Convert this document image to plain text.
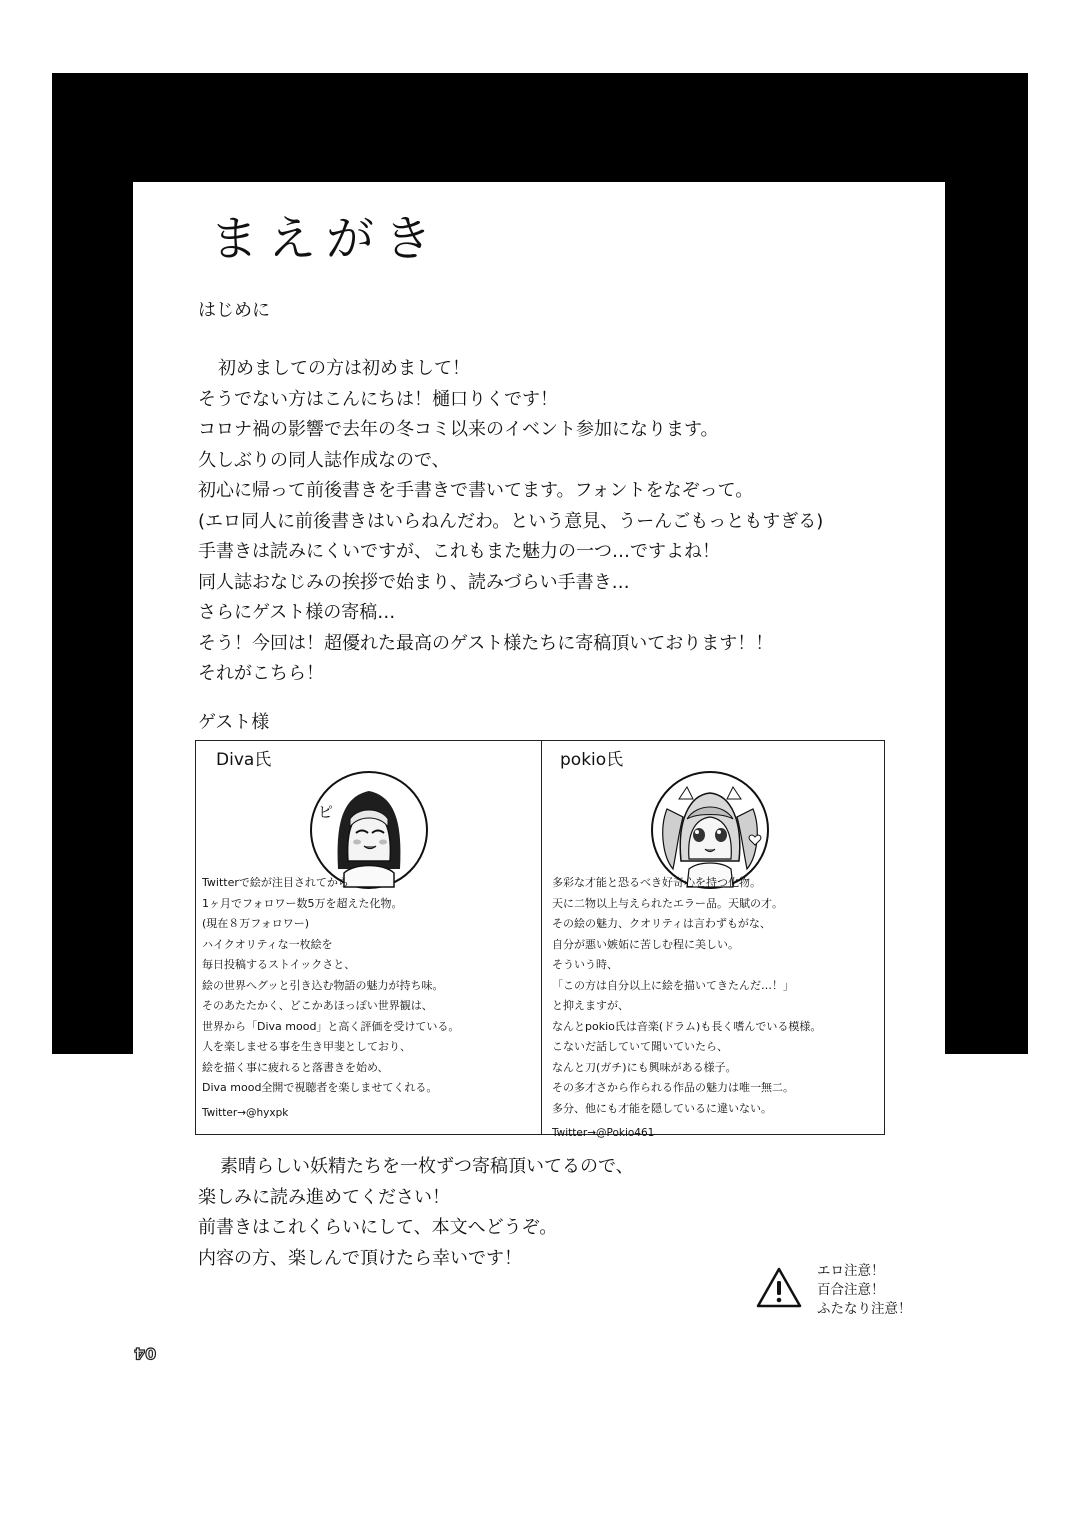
まえがき
はじめに
初めましての方は初めまして！
そうでない方はこんにちは！樋口りくです！
コロナ禍の影響で去年の冬コミ以来のイベント参加になります。
久しぶりの同人誌作成なので、
初心に帰って前後書きを手書きで書いてます。フォントをなぞって。
(エロ同人に前後書きはいらねんだわ。という意見、うーんごもっともすぎる)
手書きは読みにくいですが、これもまた魅力の一つ…ですよね！
同人誌おなじみの挨拶で始まり、読みづらい手書き…
さらにゲスト様の寄稿…
そう！今回は！超優れた最高のゲスト様たちに寄稿頂いております！！
それがこちら！
ゲスト様
Diva氏
ピ
Twitterで絵が注目されてから
1ヶ月でフォロワー数5万を超えた化物。
(現在８万フォロワー)
ハイクオリティな一枚絵を
毎日投稿するストイックさと、
絵の世界へグッと引き込む物語の魅力が持ち味。
そのあたたかく、どこかあほっぽい世界観は、
世界から「Diva mood」と高く評価を受けている。
人を楽しませる事を生き甲斐としており、
絵を描く事に疲れると落書きを始め、
Diva mood全開で視聴者を楽しませてくれる。
Twitter→@hyxpk
pokio氏
多彩な才能と恐るべき好奇心を持つ化物。
天に二物以上与えられたエラー品。天賦の才。
その絵の魅力、クオリティは言わずもがな、
自分が悪い嫉妬に苦しむ程に美しい。
そういう時、
「この方は自分以上に絵を描いてきたんだ…！」
と抑えますが、
なんとpokio氏は音楽(ドラム)も長く嗜んでいる模様。
こないだ話していて聞いていたら、
なんと刀(ガチ)にも興味がある様子。
その多才さから作られる作品の魅力は唯一無二。
多分、他にも才能を隠しているに違いない。
Twitter→@Pokio461
素晴らしい妖精たちを一枚ずつ寄稿頂いてるので、
楽しみに読み進めてください！
前書きはこれくらいにして、本文へどうぞ。
内容の方、楽しんで頂けたら幸いです！
エロ注意！
百合注意！
ふたなり注意！
04
